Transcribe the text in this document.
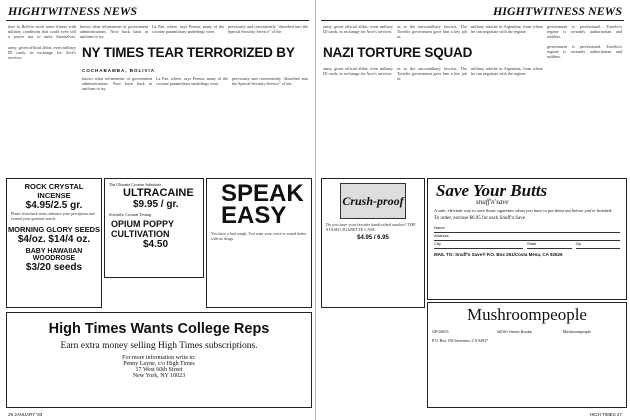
HIGHTWITNESS NEWS
ities in Bolivia work some fitness with military conditions that could even sell a power nor to unite themselves.
knows what refinements of government administrations. Now back back in uniform to try.
La Paz, where, says Prensa, many of the cocaine paramilitary underlings were.
previously and conveniently "absorbed into the Special Security Service" of the
NY TIMES TEAR TERRORIZED BY
COCHABAMBA, BOLIVIA
army, given official alibis, even military ID cards, in exchange for Arce's services.
knows what refinements of government administrations. Now back back in uniform to try.
La Paz, where, says Prensa, many of the cocaine paramilitary underlings were.
previously and conveniently "absorbed into the Special Security Service" of the
ROCK CRYSTAL INCENSE
$4.95/2.5 gr.
Plants from bark resin, enhance your perception and extend your spiritual search.
MORNING GLORY SEEDS
$4/oz. $14/4 oz.
BABY HAWAIIAN WOODROSE
$3/20 seeds
The Ultimate Cocaine Substitute
ULTRACAINE
$9.95 / gr.
Scientific Cocaine Testing
OPIUM POPPY CULTIVATION
$4.50
SPEAK EASY
You have a bad cough. You want your voice to sound better with no drugs.
High Times Wants College Reps
Earn extra money selling High Times subscriptions.
For more information write to:
Penny Layne, c/o High Times
17 West 60th Street
New York, NY 10023
26 JANUARY '83
HIGHTWITNESS NEWS
army, given official alibis, even military ID cards, in exchange for Arce's services.
as to the narcomilitary fascists. The Torrelio government gave him a key job as
military attache in Argentina, from where he can negotiate with the regime.
government is professional. Torrelio's regime is certainly authoritarian and ruthless.
NAZI TORTURE SQUAD
army, given official alibis, even military ID cards, in exchange for Arce's services.
as to the narcomilitary fascists. The Torrelio government gave him a key job as
military attache in Argentina, from where he can negotiate with the regime.
government is professional. Torrelio's regime is certainly authoritarian and ruthless.
Crush-proof
Do you have your favorite handcrafted smokes? THE STASH CIGARETTE CASE.
$4.95 / 6.95
Save Your Butts
snuff'n'save
A safe, efficient way to save those cigarettes when you have to put them out before you're finished.
To order, enclose $6.95 for each Snuff'n Save
Name
Address
City	State	Zip
MAIL TO: Snuff'n Save® P.O. Box 251/Costa Mesa, CA 92626
Mushroompeople
SPORES	NEW! Home Books	Mushroompeople
P.O. Box 158 Inverness, CA 94937
HIGH TIMES 27
